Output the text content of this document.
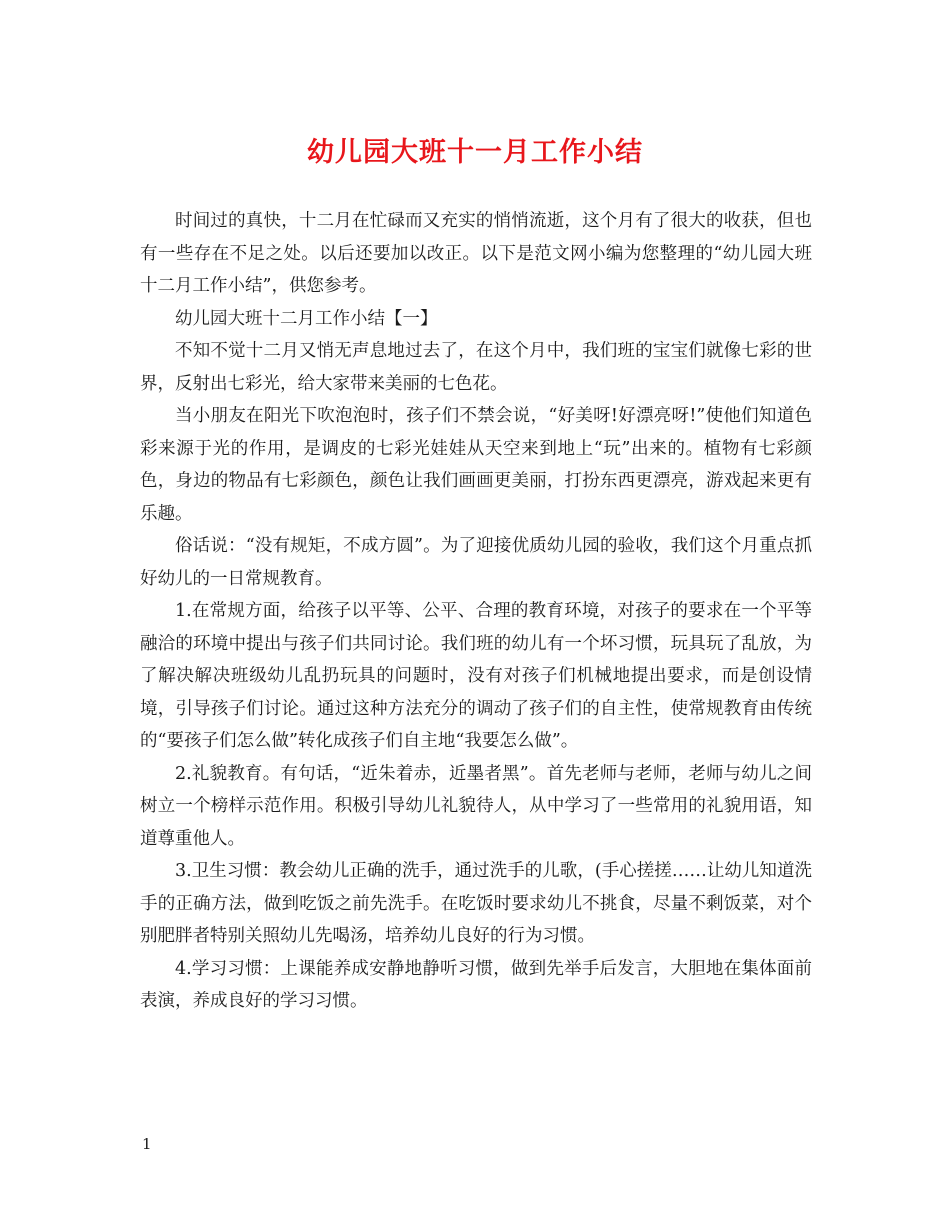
幼儿园大班十一月工作小结

时间过的真快，十二月在忙碌而又充实的悄悄流逝，这个月有了很大的收获，但也有一些存在不足之处。以后还要加以改正。以下是范文网小编为您整理的“幼儿园大班十二月工作小结”，供您参考。

幼儿园大班十二月工作小结【一】

不知不觉十二月又悄无声息地过去了，在这个月中，我们班的宝宝们就像七彩的世界，反射出七彩光，给大家带来美丽的七色花。

当小朋友在阳光下吹泡泡时，孩子们不禁会说，“好美呀!好漂亮呀!”使他们知道色彩来源于光的作用，是调皮的七彩光娃娃从天空来到地上“玩”出来的。植物有七彩颜色，身边的物品有七彩颜色，颜色让我们画画更美丽，打扮东西更漂亮，游戏起来更有乐趣。

俗话说：“没有规矩，不成方圆”。为了迎接优质幼儿园的验收，我们这个月重点抓好幼儿的一日常规教育。

1.在常规方面，给孩子以平等、公平、合理的教育环境，对孩子的要求在一个平等融洽的环境中提出与孩子们共同讨论。我们班的幼儿有一个坏习惯，玩具玩了乱放，为了解决解决班级幼儿乱扔玩具的问题时，没有对孩子们机械地提出要求，而是创设情境，引导孩子们讨论。通过这种方法充分的调动了孩子们的自主性，使常规教育由传统的“要孩子们怎么做”转化成孩子们自主地“我要怎么做”。

2.礼貌教育。有句话，“近朱着赤，近墨者黑”。首先老师与老师，老师与幼儿之间树立一个榜样示范作用。积极引导幼儿礼貌待人，从中学习了一些常用的礼貌用语，知道尊重他人。

3.卫生习惯：教会幼儿正确的洗手，通过洗手的儿歌，(手心搓搓……让幼儿知道洗手的正确方法，做到吃饭之前先洗手。在吃饭时要求幼儿不挑食，尽量不剩饭菜，对个别肥胖者特别关照幼儿先喝汤，培养幼儿良好的行为习惯。

4.学习习惯：上课能养成安静地静听习惯，做到先举手后发言，大胆地在集体面前表演，养成良好的学习习惯。

1
